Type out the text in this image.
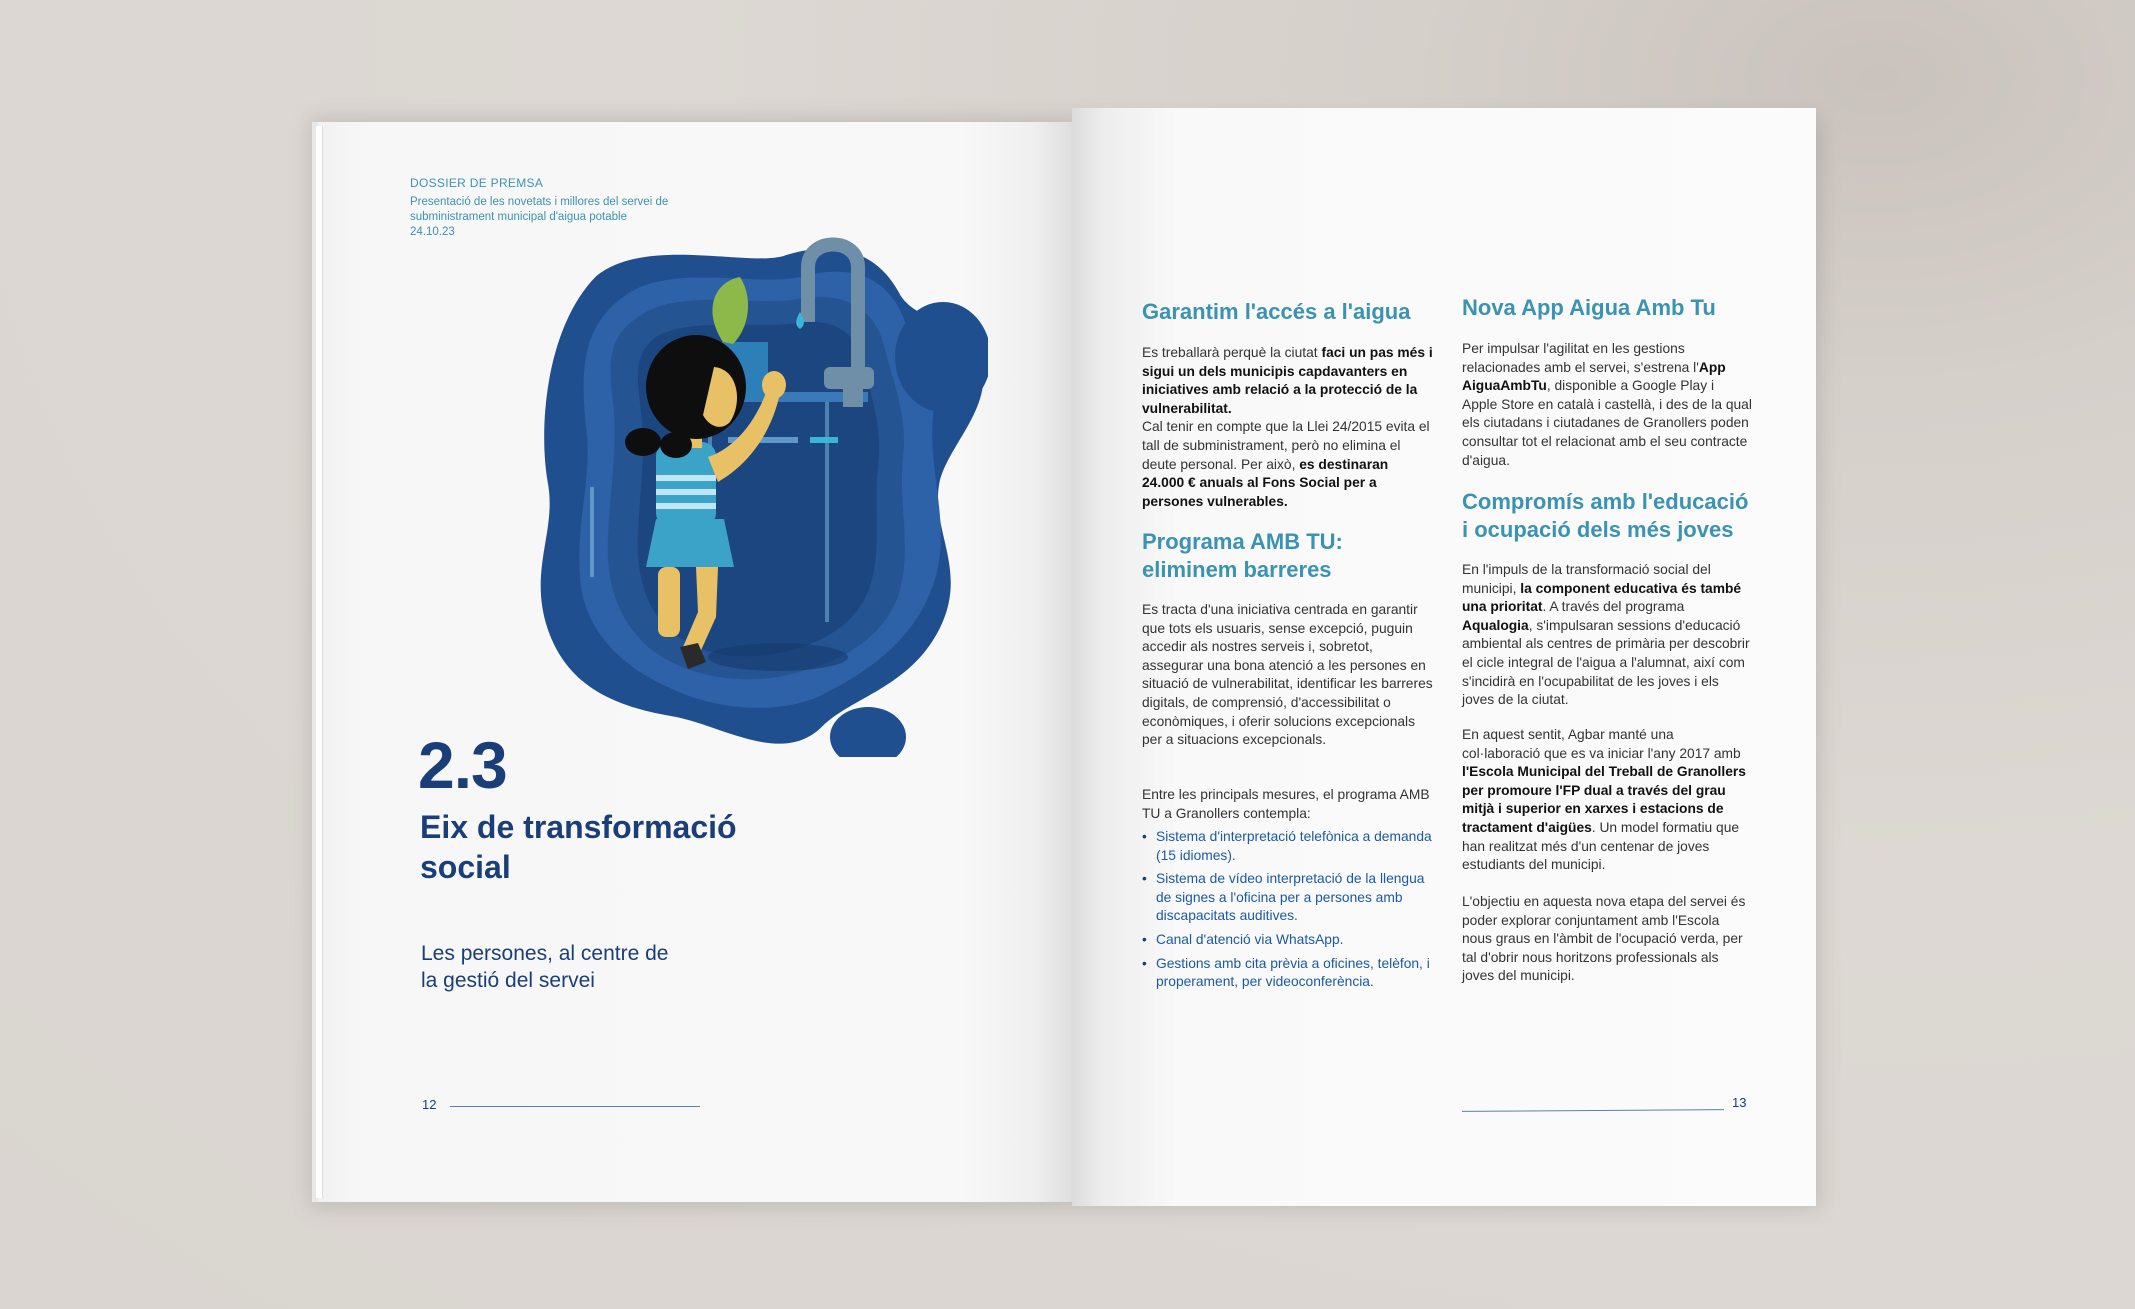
DOSSIER DE PREMSA

Presentació de les novetats i millores del servei de subministrament municipal d'aigua potable
24.10.23

2.3

Eix de transformació social

Les persones, al centre de la gestió del servei

12

Garantim l'accés a l'aigua

Es treballarà perquè la ciutat faci un pas més i sigui un dels municipis capdavanters en iniciatives amb relació a la protecció de la vulnerabilitat.
Cal tenir en compte que la Llei 24/2015 evita el tall de subministrament, però no elimina el deute personal. Per això, es destinaran 24.000 € anuals al Fons Social per a persones vulnerables.

Programa AMB TU: eliminem barreres

Es tracta d'una iniciativa centrada en garantir que tots els usuaris, sense excepció, puguin accedir als nostres serveis i, sobretot, assegurar una bona atenció a les persones en situació de vulnerabilitat, identificar les barreres digitals, de comprensió, d'accessibilitat o econòmiques, i oferir solucions excepcionals per a situacions excepcionals.

Entre les principals mesures, el programa AMB TU a Granollers contempla:

• Sistema d'interpretació telefònica a demanda (15 idiomes).
• Sistema de vídeo interpretació de la llengua de signes a l'oficina per a persones amb discapacitats auditives.
• Canal d'atenció via WhatsApp.
• Gestions amb cita prèvia a oficines, telèfon, i properament, per videoconferència.

Nova App Aigua Amb Tu

Per impulsar l'agilitat en les gestions relacionades amb el servei, s'estrena l'App AiguaAmbTu, disponible a Google Play i Apple Store en català i castellà, i des de la qual els ciutadans i ciutadanes de Granollers poden consultar tot el relacionat amb el seu contracte d'aigua.

Compromís amb l'educació i ocupació dels més joves

En l'impuls de la transformació social del municipi, la component educativa és també una prioritat. A través del programa Aqualogia, s'impulsaran sessions d'educació ambiental als centres de primària per descobrir el cicle integral de l'aigua a l'alumnat, així com s'incidirà en l'ocupabilitat de les joves i els joves de la ciutat.

En aquest sentit, Agbar manté una col·laboració que es va iniciar l'any 2017 amb l'Escola Municipal del Treball de Granollers per promoure l'FP dual a través del grau mitjà i superior en xarxes i estacions de tractament d'aigües. Un model formatiu que han realitzat més d'un centenar de joves estudiants del municipi.

L'objectiu en aquesta nova etapa del servei és poder explorar conjuntament amb l'Escola nous graus en l'àmbit de l'ocupació verda, per tal d'obrir nous horitzons professionals als joves del municipi.

13
